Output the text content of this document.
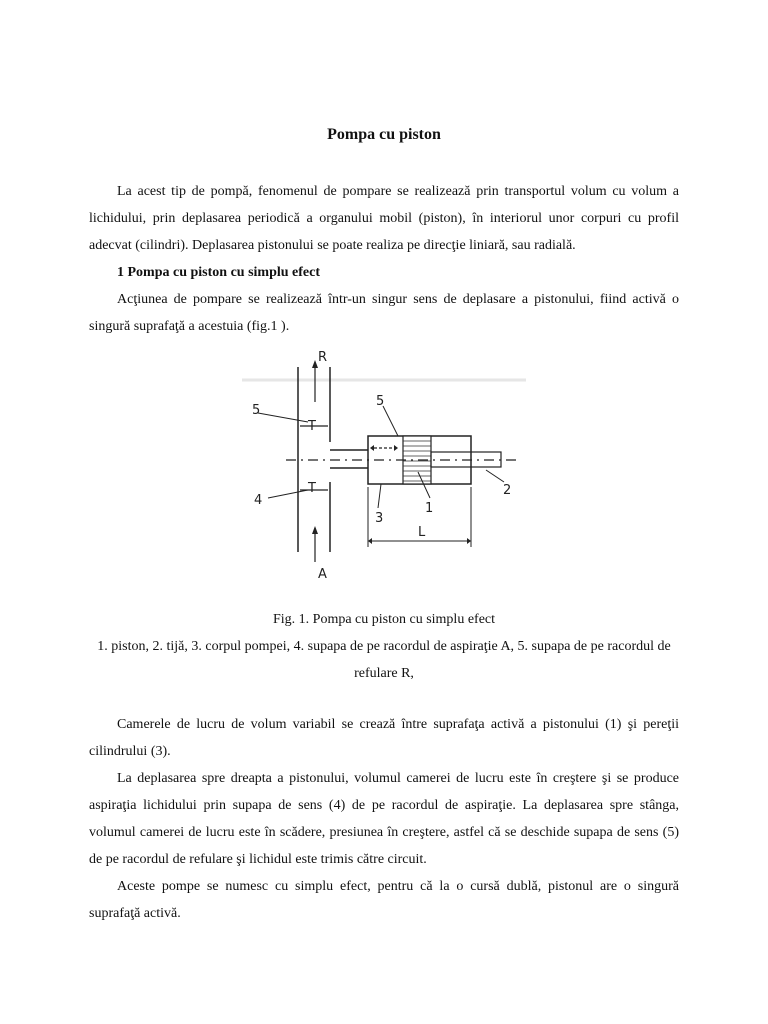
Pompa cu piston

La acest tip de pompă, fenomenul de pompare se realizează prin transportul volum cu volum a lichidului, prin deplasarea periodică a organului mobil (piston), în interiorul unor corpuri cu profil adecvat (cilindri). Deplasarea pistonului se poate realiza pe direcţie liniară, sau radială.

1 Pompa cu piston cu simplu efect

Acţiunea de pompare se realizează într-un singur sens de deplasare a pistonului, fiind activă o singură suprafaţă a acestuia (fig.1 ).

R
A
5
5
4
T
T
1
2
3
L

Fig. 1. Pompa cu piston cu simplu efect

1. piston, 2. tijă, 3. corpul pompei, 4. supapa de pe racordul de aspiraţie A, 5. supapa de pe racordul de refulare R,

Camerele de lucru de volum variabil se crează între suprafaţa activă a pistonului (1) şi pereţii cilindrului (3).

La deplasarea spre dreapta a pistonului, volumul camerei de lucru este în creştere şi se produce aspiraţia lichidului prin supapa de sens (4) de pe racordul de aspiraţie. La deplasarea spre stânga, volumul camerei de lucru este în scădere, presiunea în creştere, astfel că se deschide supapa de sens (5) de pe racordul de refulare şi lichidul este trimis către circuit.

Aceste pompe se numesc cu simplu efect, pentru că la o cursă dublă, pistonul are o singură suprafaţă activă.
